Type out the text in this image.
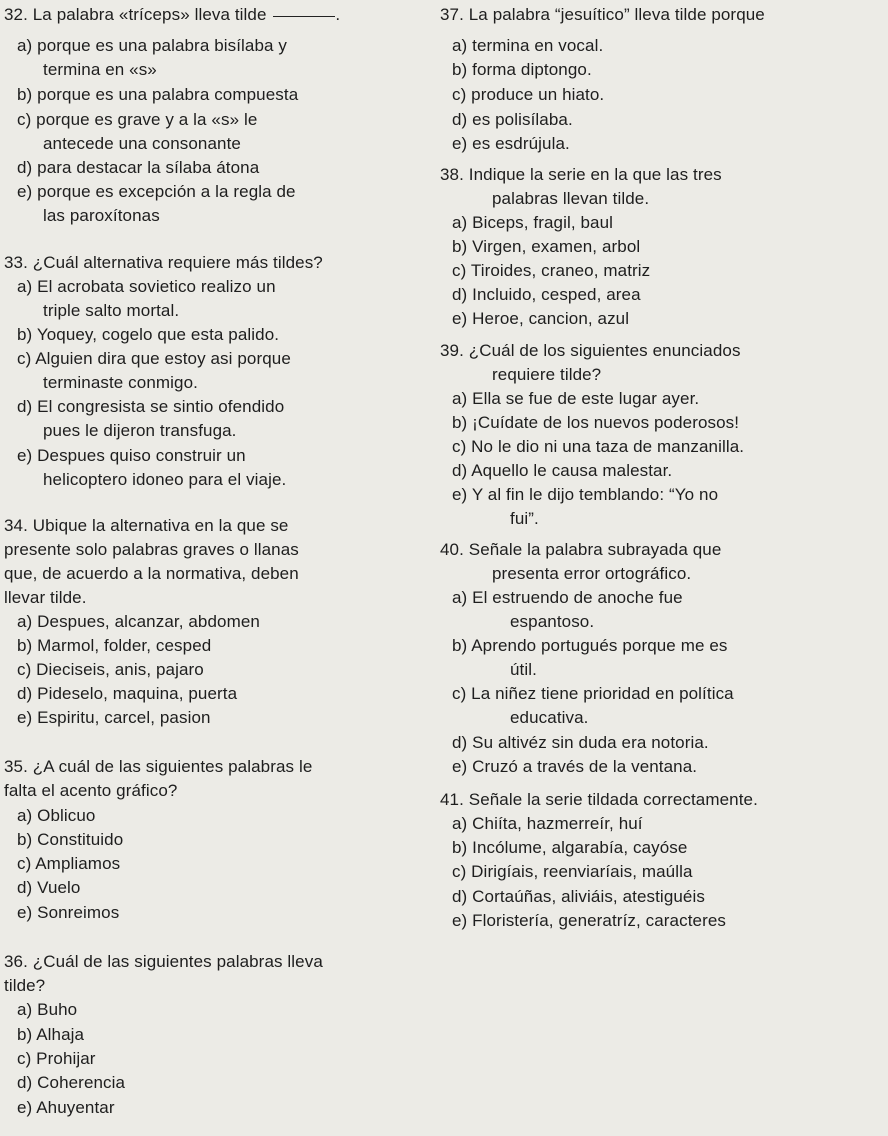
32. La palabra «tríceps» lleva tilde	.
a) porque es una palabra bisílaba y
termina en «s»
b) porque es una palabra compuesta
c) porque es grave y a la «s» le
antecede una consonante
d) para destacar la sílaba átona
e) porque es excepción a la regla de
las paroxítonas
33. ¿Cuál alternativa requiere más tildes?
a) El acrobata sovietico realizo un
triple salto mortal.
b) Yoquey, cogelo que esta palido.
c) Alguien dira que estoy asi porque
terminaste conmigo.
d) El congresista se sintio ofendido
pues le dijeron transfuga.
e) Despues quiso construir un
helicoptero idoneo para el viaje.
34. Ubique la alternativa en la que se
presente solo palabras graves o llanas
que, de acuerdo a la normativa, deben
llevar tilde.
a) Despues, alcanzar, abdomen
b) Marmol, folder, cesped
c) Dieciseis, anis, pajaro
d) Pideselo, maquina, puerta
e) Espiritu, carcel, pasion
35. ¿A cuál de las siguientes palabras le
falta el acento gráfico?
a) Oblicuo
b) Constituido
c) Ampliamos
d) Vuelo
e) Sonreimos
36. ¿Cuál de las siguientes palabras lleva
tilde?
a) Buho
b) Alhaja
c) Prohijar
d) Coherencia
e) Ahuyentar
37. La palabra “jesuítico” lleva tilde porque
a) termina en vocal.
b) forma diptongo.
c) produce un hiato.
d) es polisílaba.
e) es esdrújula.
38. Indique la serie en la que las tres
palabras llevan tilde.
a) Biceps, fragil, baul
b) Virgen, examen, arbol
c) Tiroides, craneo, matriz
d) Incluido, cesped, area
e) Heroe, cancion, azul
39. ¿Cuál de los siguientes enunciados
requiere tilde?
a) Ella se fue de este lugar ayer.
b) ¡Cuídate de los nuevos poderosos!
c) No le dio ni una taza de manzanilla.
d) Aquello le causa malestar.
e) Y al fin le dijo temblando: “Yo no
fui”.
40. Señale la palabra subrayada que
presenta error ortográfico.
a) El estruendo de anoche fue
espantoso.
b) Aprendo portugués porque me es
útil.
c) La niñez tiene prioridad en política
educativa.
d) Su altivéz sin duda era notoria.
e) Cruzó a través de la ventana.
41. Señale la serie tildada correctamente.
a) Chiíta, hazmerreír, huí
b) Incólume, algarabía, cayóse
c) Dirigíais, reenviaríais, maúlla
d) Cortaúñas, aliviáis, atestiguéis
e) Floristería, generatríz, caracteres
